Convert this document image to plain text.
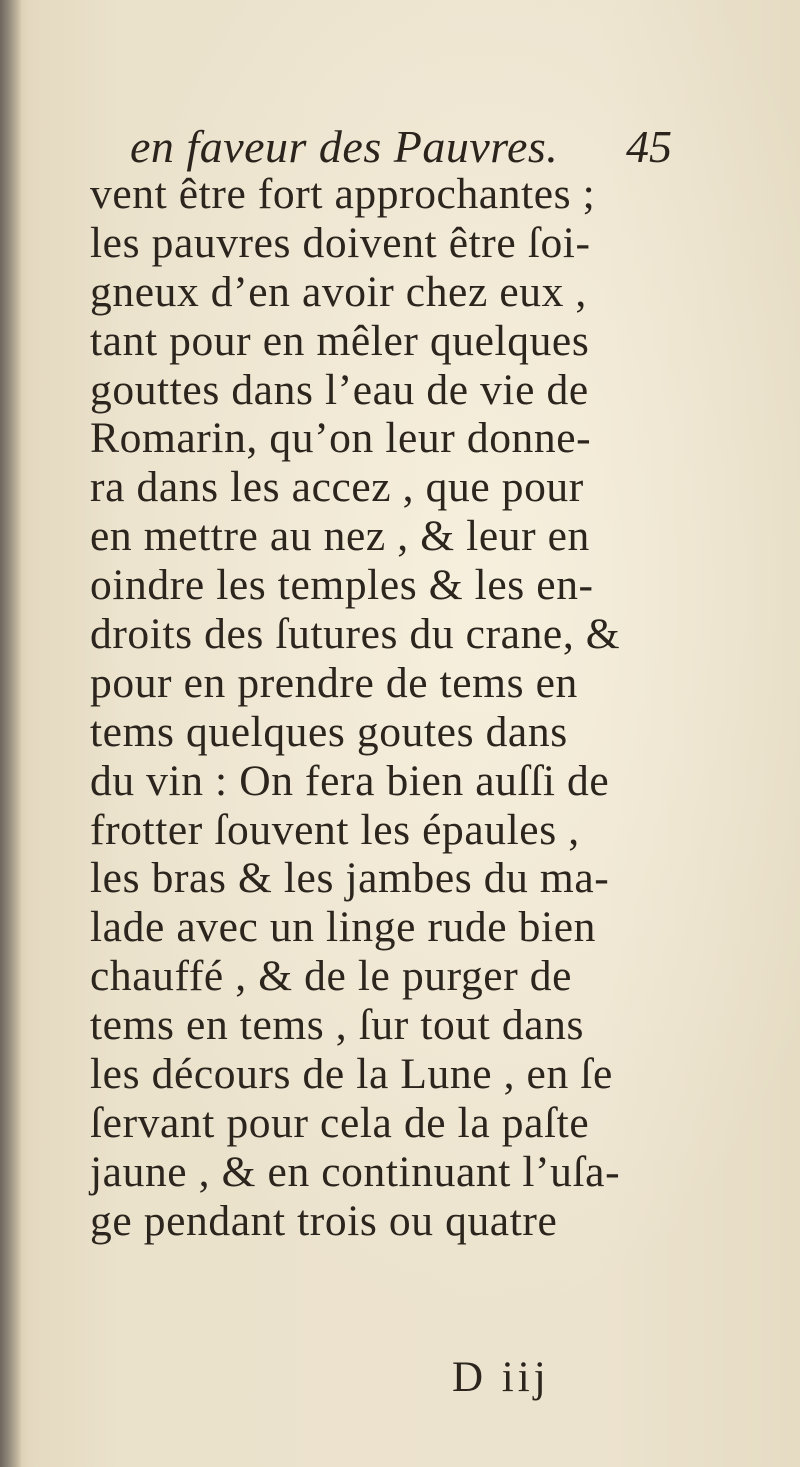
en faveur des Pauvres. 45
vent être fort approchantes ;
les pauvres doivent être ſoi-
gneux d’en avoir chez eux ,
tant pour en mêler quelques
gouttes dans l’eau de vie de
Romarin, qu’on leur donne-
ra dans les accez , que pour
en mettre au nez , & leur en
oindre les temples & les en-
droits des ſutures du crane, &
pour en prendre de tems en
tems quelques goutes dans
du vin : On fera bien auſſi de
frotter ſouvent les épaules ,
les bras & les jambes du ma-
lade avec un linge rude bien
chauffé , & de le purger de
tems en tems , ſur tout dans
les décours de la Lune , en ſe
ſervant pour cela de la paſte
jaune , & en continuant l’uſa-
ge pendant trois ou quatre
D iij
